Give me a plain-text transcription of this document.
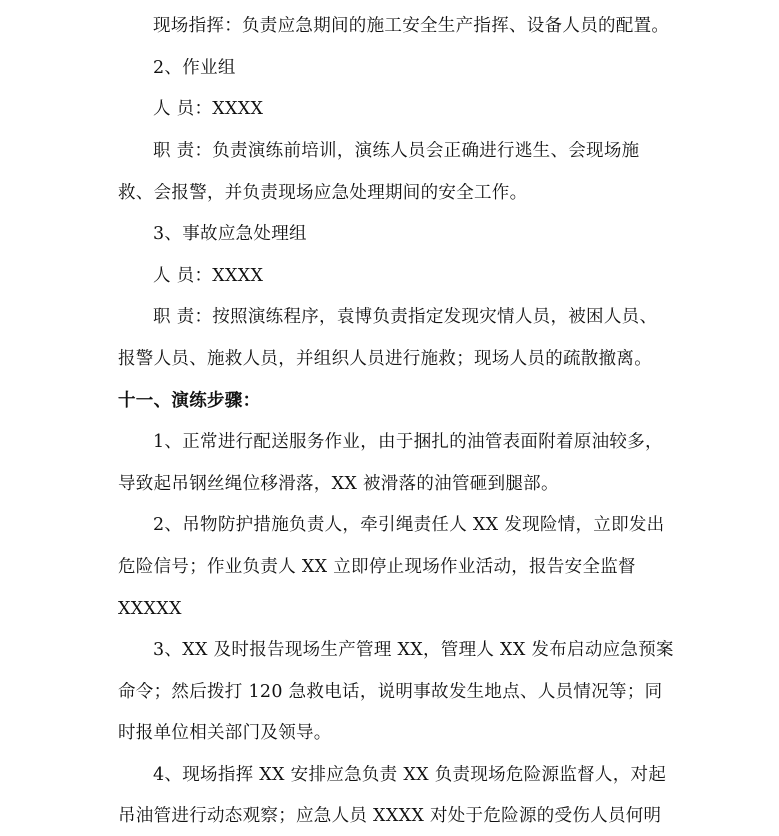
现场指挥：负责应急期间的施工安全生产指挥、设备人员的配置。
2、作业组
人 员：XXXX
职 责：负责演练前培训，演练人员会正确进行逃生、会现场施
救、会报警，并负责现场应急处理期间的安全工作。
3、事故应急处理组
人 员：XXXX
职 责：按照演练程序，袁博负责指定发现灾情人员，被困人员、
报警人员、施救人员，并组织人员进行施救；现场人员的疏散撤离。
十一、演练步骤：
1、正常进行配送服务作业，由于捆扎的油管表面附着原油较多，
导致起吊钢丝绳位移滑落，XX 被滑落的油管砸到腿部。
2、吊物防护措施负责人，牵引绳责任人 XX 发现险情，立即发出
危险信号；作业负责人 XX 立即停止现场作业活动，报告安全监督
XXXXX
3、XX 及时报告现场生产管理 XX，管理人 XX 发布启动应急预案
命令；然后拨打 120 急救电话，说明事故发生地点、人员情况等；同
时报单位相关部门及领导。
4、现场指挥 XX 安排应急负责 XX 负责现场危险源监督人，对起
吊油管进行动态观察；应急人员 XXXX 对处于危险源的受伤人员何明
